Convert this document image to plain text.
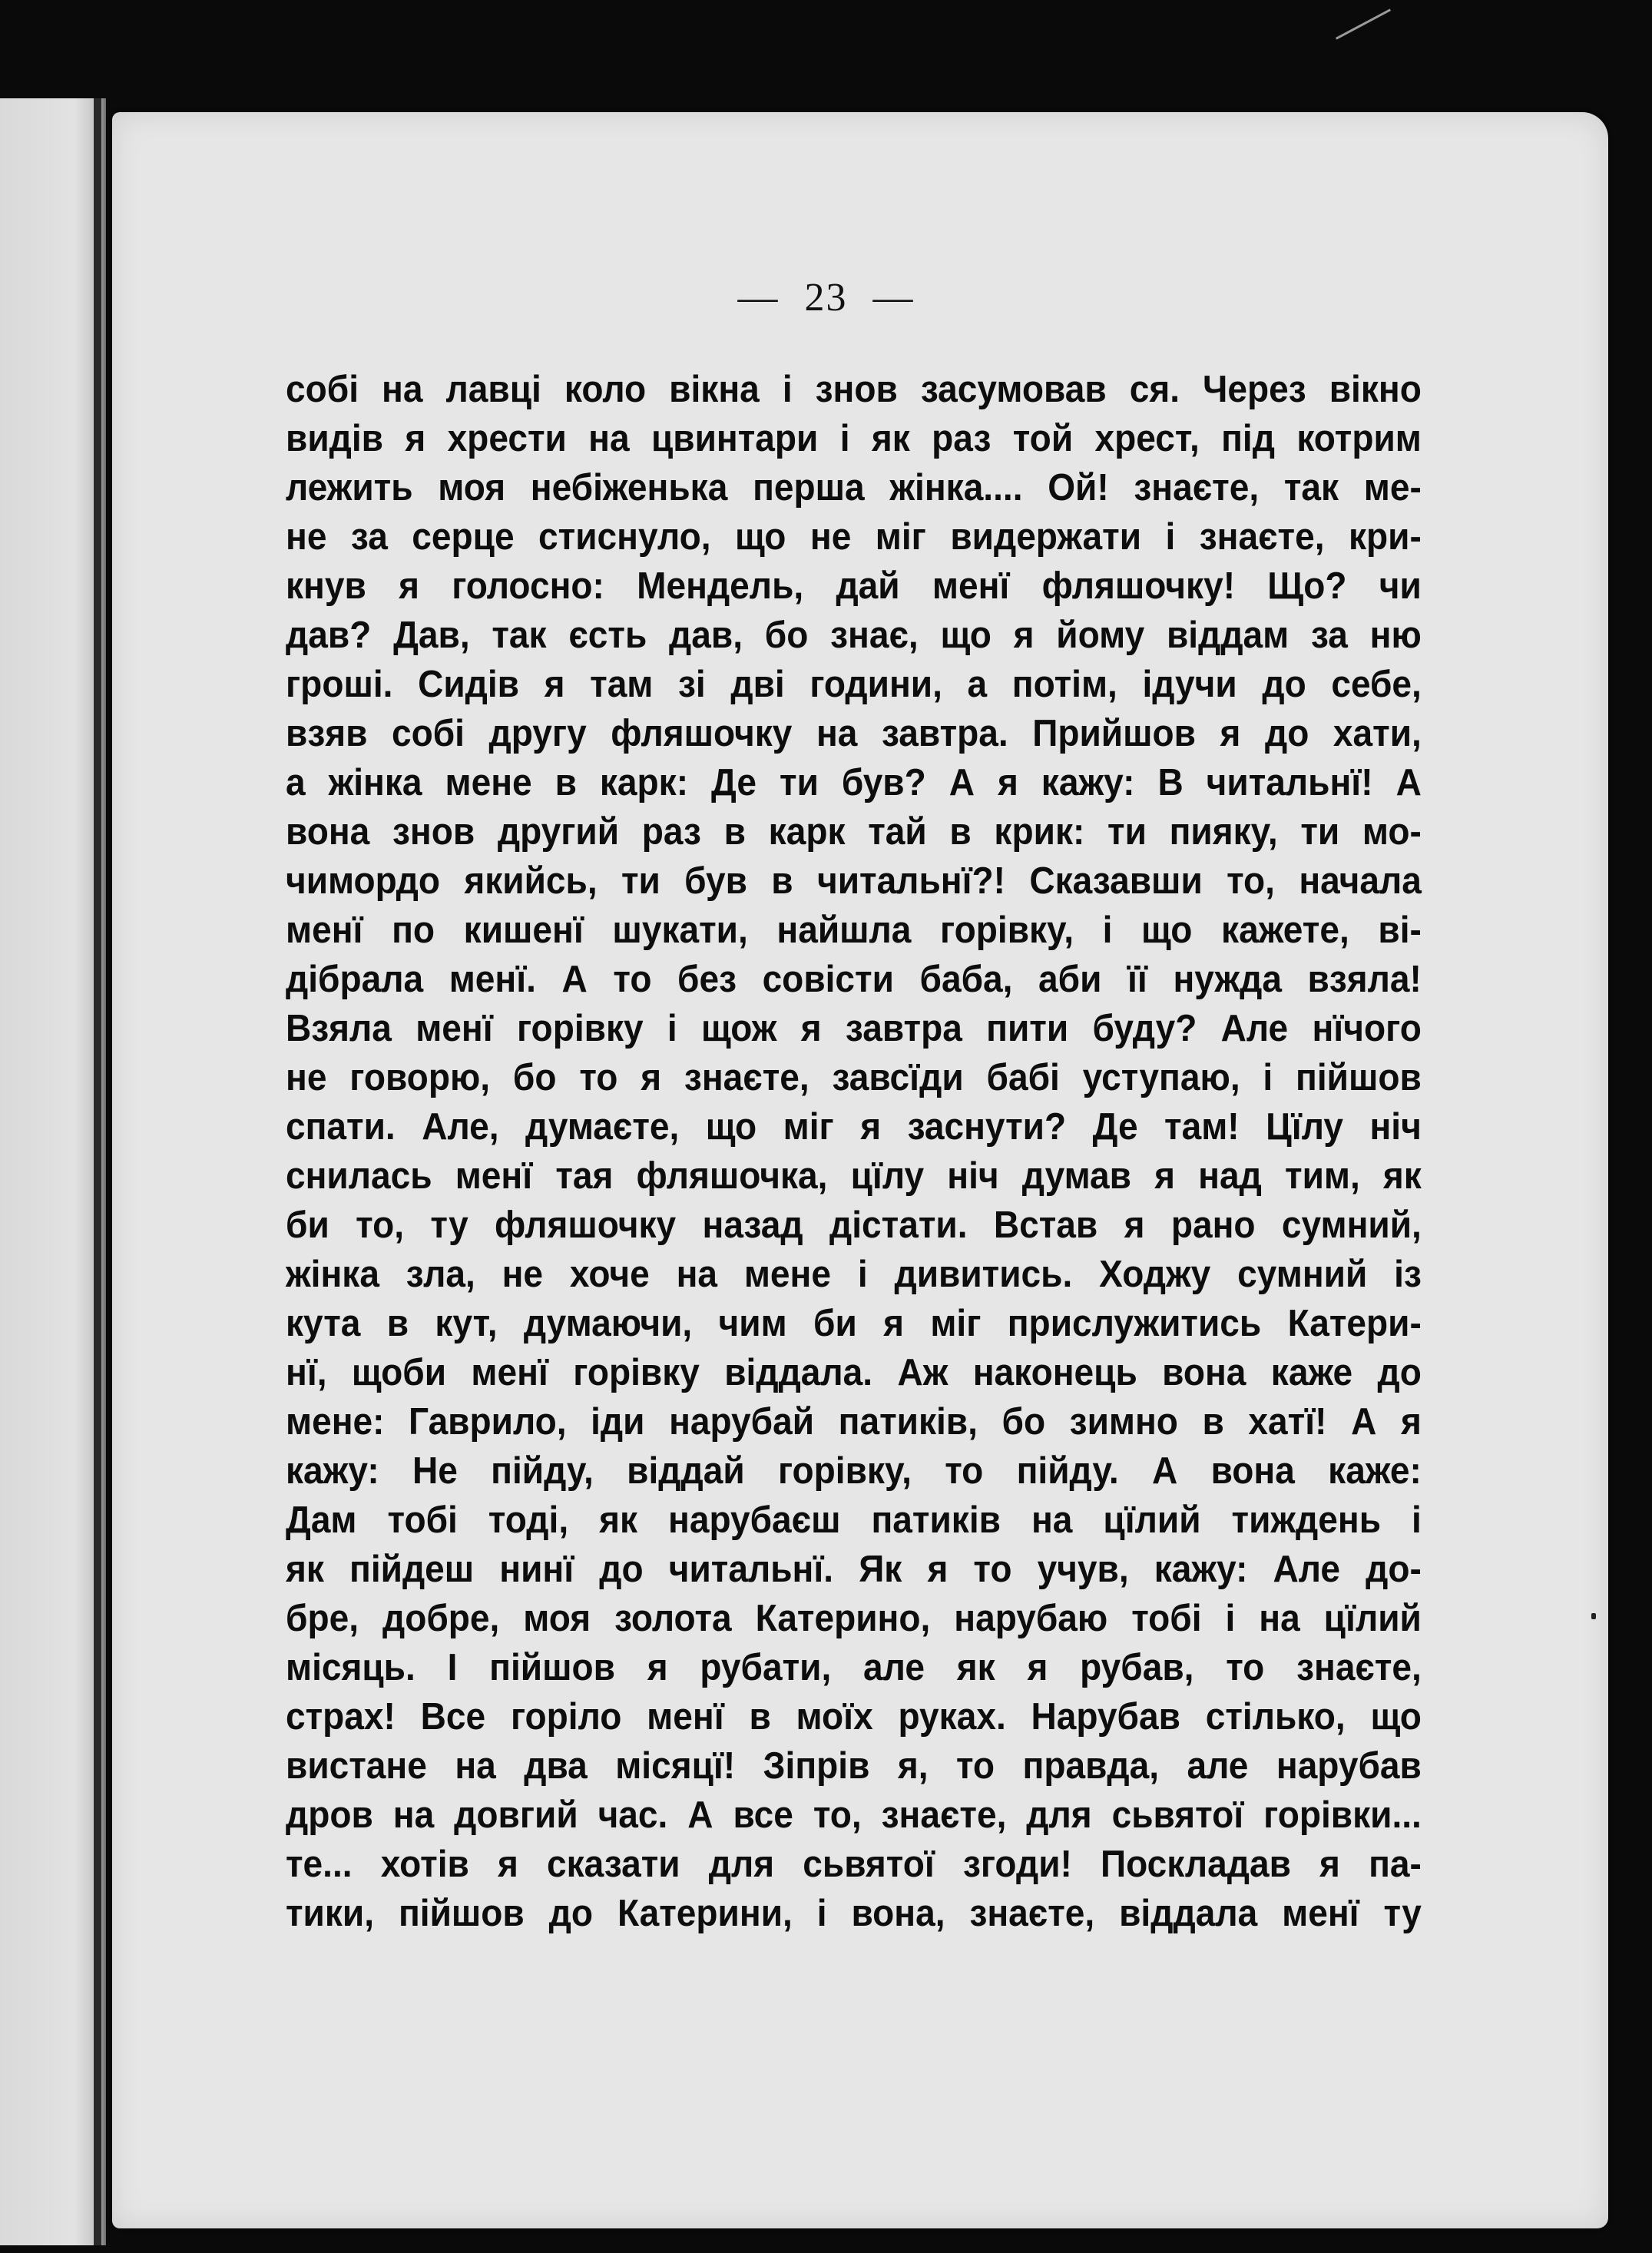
— 23 —
собі на лавці коло вікна і знов засумовав ся. Через вікно
видів я хрести на цвинтари і як раз той хрест, під котрим
лежить моя небіженька перша жінка.... Ой! знаєте, так ме-
не за серце стиснуло, що не міг видержати і знаєте, кри-
кнув я голосно: Мендель, дай менї фляшочку! Що? чи
дав? Дав, так єсть дав, бо знає, що я йому віддам за ню
гроші. Сидів я там зі дві години, а потім, ідучи до себе,
взяв собі другу фляшочку на завтра. Прийшов я до хати,
а жінка мене в карк: Де ти був? А я кажу: В читальнї! А
вона знов другий раз в карк тай в крик: ти пияку, ти мо-
чимордо якийсь, ти був в читальнї?! Сказавши то, начала
менї по кишенї шукати, найшла горівку, і що кажете, ві-
дібрала менї. А то без совісти баба, аби її нужда взяла!
Взяла менї горівку і щож я завтра пити буду? Але нїчого
не говорю, бо то я знаєте, завсїди бабі уступаю, і пійшов
спати. Але, думаєте, що міг я заснути? Де там! Цїлу ніч
снилась менї тая фляшочка, цїлу ніч думав я над тим, як
би то, ту фляшочку назад дістати. Встав я рано сумний,
жінка зла, не хоче на мене і дивитись. Ходжу сумний із
кута в кут, думаючи, чим би я міг прислужитись Катери-
нї, щоби менї горівку віддала. Аж наконець вона каже до
мене: Гаврило, іди нарубай патиків, бо зимно в хатї! А я
кажу: Не пійду, віддай горівку, то пійду. А вона каже:
Дам тобі тоді, як нарубаєш патиків на цїлий тиждень і
як пійдеш нинї до читальнї. Як я то учув, кажу: Але до-
бре, добре, моя золота Катерино, нарубаю тобі і на цїлий
місяць. І пійшов я рубати, але як я рубав, то знаєте,
страх! Все горіло менї в моїх руках. Нарубав стілько, що
вистане на два місяцї! Зіпрів я, то правда, але нарубав
дров на довгий час. А все то, знаєте, для сьвятої горівки...
те... хотів я сказати для сьвятої згоди! Поскладав я па-
тики, пійшов до Катерини, і вона, знаєте, віддала менї ту
